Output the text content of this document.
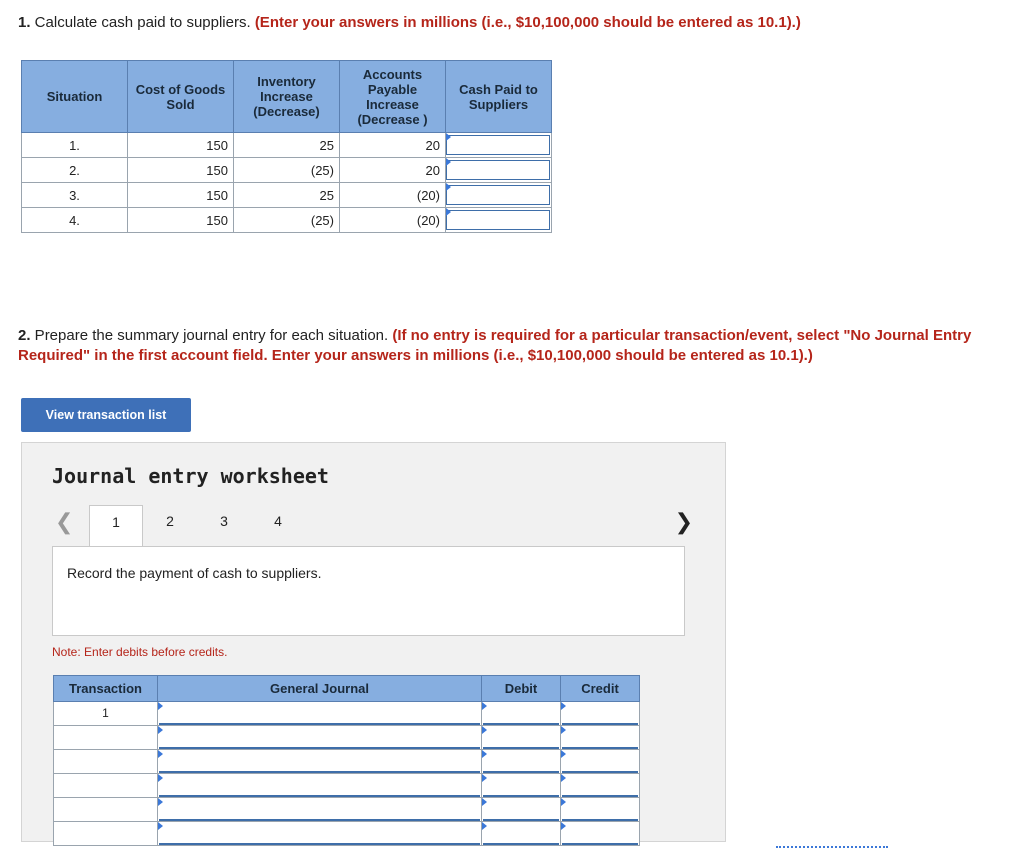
1. Calculate cash paid to suppliers. (Enter your answers in millions (i.e., $10,100,000 should be entered as 10.1).)
Situation	Cost of Goods Sold	Inventory Increase (Decrease)	Accounts Payable Increase (Decrease )	Cash Paid to Suppliers
1.	150	25	20	

2.	150	(25)	20	

3.	150	25	(20)	

4.	150	(25)	(20)	
2. Prepare the summary journal entry for each situation. (If no entry is required for a particular transaction/event, select "No Journal Entry Required" in the first account field. Enter your answers in millions (i.e., $10,100,000 should be entered as 10.1).)
View transaction list
Journal entry worksheet
❮	1	2	3	4	❯
Record the payment of cash to suppliers.
Note: Enter debits before credits.
Transaction	General Journal	Debit	Credit
1	
